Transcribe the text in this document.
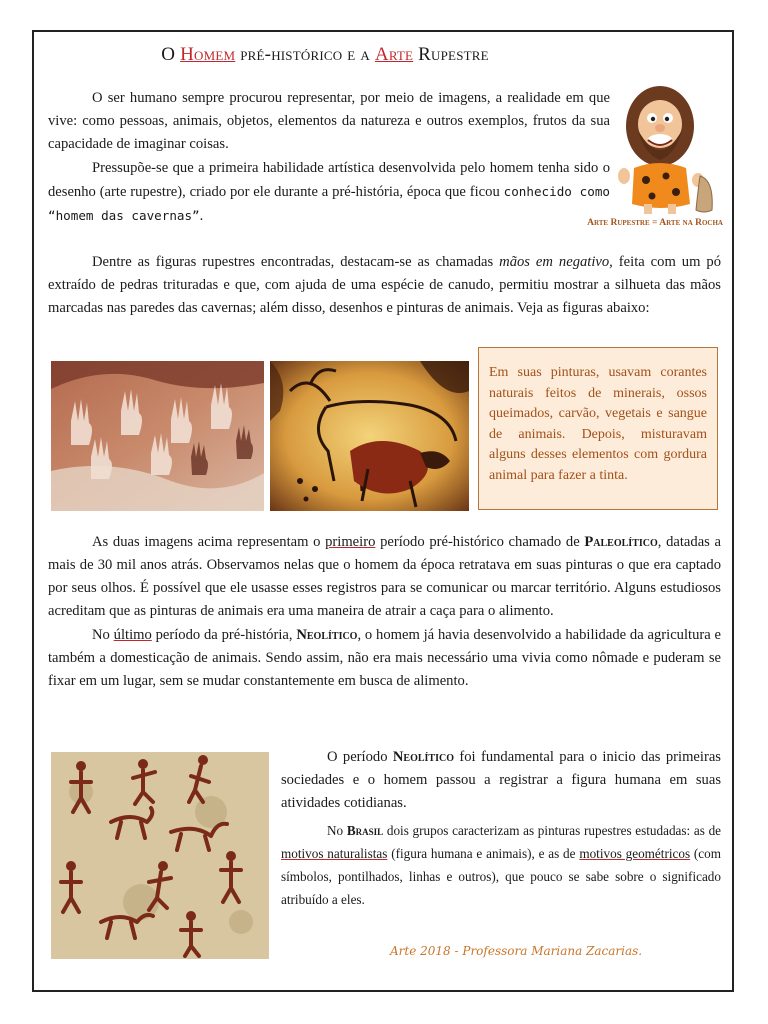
O Homem pré-histórico e a Arte Rupestre

O ser humano sempre procurou representar, por meio de imagens, a realidade em que vive: como pessoas, animais, objetos, elementos da natureza e outros exemplos, frutos da sua capacidade de imaginar coisas.

Pressupõe-se que a primeira habilidade artística desenvolvida pelo homem tenha sido o desenho (arte rupestre), criado por ele durante a pré-história, época que ficou conhecido como “homem das cavernas”.	Arte Rupestre = Arte na Rocha

Dentre as figuras rupestres encontradas, destacam-se as chamadas mãos em negativo, feita com um pó extraído de pedras trituradas e que, com ajuda de uma espécie de canudo, permitiu mostrar a silhueta das mãos marcadas nas paredes das cavernas; além disso, desenhos e pinturas de animais. Veja as figuras abaixo:

Em suas pinturas, usavam corantes naturais feitos de minerais, ossos queimados, carvão, vegetais e sangue de animais. Depois, misturavam alguns desses elementos com gordura animal para fazer a tinta.

As duas imagens acima representam o primeiro período pré-histórico chamado de Paleolítico, datadas a mais de 30 mil anos atrás. Observamos nelas que o homem da época retratava em suas pinturas o que era captado por seus olhos. É possível que ele usasse esses registros para se comunicar ou marcar território. Alguns estudiosos acreditam que as pinturas de animais era uma maneira de atrair a caça para o alimento.

No último período da pré-história, Neolítico, o homem já havia desenvolvido a habilidade da agricultura e também a domesticação de animais. Sendo assim, não era mais necessário uma vivia como nômade e puderam se fixar em um lugar, sem se mudar constantemente em busca de alimento.

O período Neolítico foi fundamental para o inicio das primeiras sociedades e o homem passou a registrar a figura humana em suas atividades cotidianas.

No Brasil dois grupos caracterizam as pinturas rupestres estudadas: as de motivos naturalistas (figura humana e animais), e as de motivos geométricos (com símbolos, pontilhados, linhas e outros), que pouco se sabe sobre o significado atribuído a eles.

Arte 2018 - Professora Mariana Zacarias.
